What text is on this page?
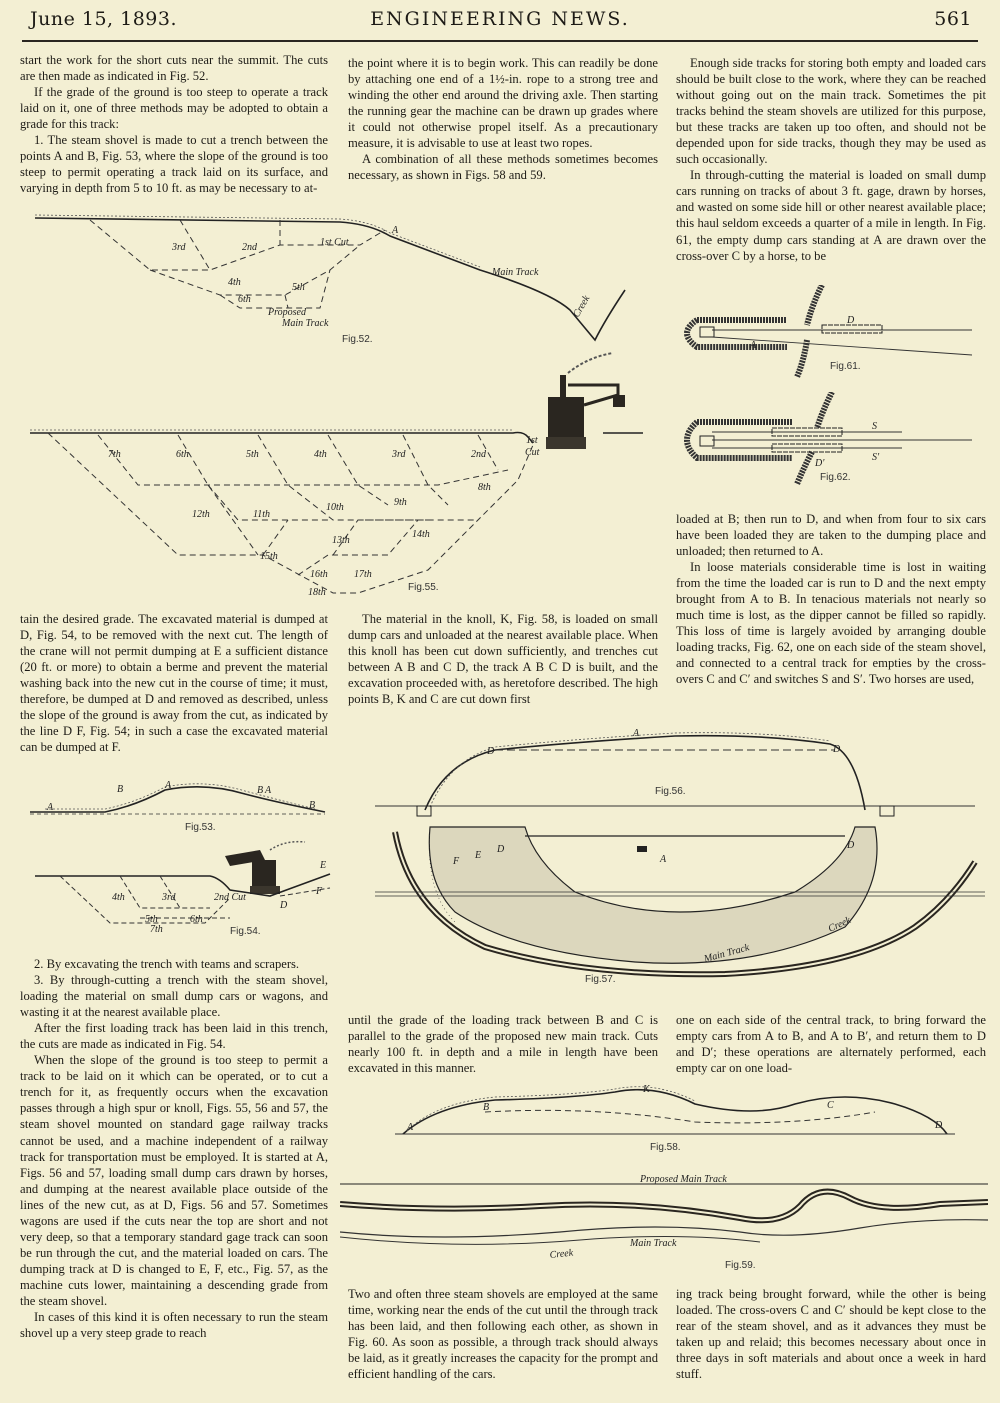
June 15, 1893.	ENGINEERING NEWS.	561

start the work for the short cuts near the summit. The cuts are then made as indicated in Fig. 52.

If the grade of the ground is too steep to operate a track laid on it, one of three methods may be adopted to obtain a grade for this track:

1. The steam shovel is made to cut a trench between the points A and B, Fig. 53, where the slope of the ground is too steep to permit operating a track laid on its surface, and varying in depth from 5 to 10 ft. as may be necessary to at-

tain the desired grade. The excavated material is dumped at D, Fig. 54, to be removed with the next cut. The length of the crane will not permit dumping at E a sufficient distance (20 ft. or more) to obtain a berme and prevent the material washing back into the new cut in the course of time; it must, therefore, be dumped at D and removed as described, unless the slope of the ground is away from the cut, as indicated by the line D F, Fig. 54; in such a case the excavated material can be dumped at F.

2. By excavating the trench with teams and scrapers.

3. By through-cutting a trench with the steam shovel, loading the material on small dump cars or wagons, and wasting it at the nearest available place.

After the first loading track has been laid in this trench, the cuts are made as indicated in Fig. 54.

When the slope of the ground is too steep to permit a track to be laid on it which can be operated, or to cut a trench for it, as frequently occurs when the excavation passes through a high spur or knoll, Figs. 55, 56 and 57, the steam shovel mounted on standard gage railway tracks cannot be used, and a machine independent of a railway track for transportation must be employed. It is started at A, Figs. 56 and 57, loading small dump cars drawn by horses, and dumping at the nearest available place outside of the lines of the new cut, as at D, Figs. 56 and 57. Sometimes wagons are used if the cuts near the top are short and not very deep, so that a temporary standard gage track can soon be run through the cut, and the material loaded on cars. The dumping track at D is changed to E, F, etc., Fig. 57, as the machine cuts lower, maintaining a descending grade from the steam shovel.

In cases of this kind it is often necessary to run the steam shovel up a very steep grade to reach

the point where it is to begin work. This can readily be done by attaching one end of a 1½-in. rope to a strong tree and winding the other end around the driving axle. Then starting the running gear the machine can be drawn up grades where it could not otherwise propel itself. As a precautionary measure, it is advisable to use at least two ropes.

A combination of all these methods sometimes becomes necessary, as shown in Figs. 58 and 59.

The material in the knoll, K, Fig. 58, is loaded on small dump cars and unloaded at the nearest available place. When this knoll has been cut down sufficiently, and trenches cut between A B and C D, the track A B C D is built, and the excavation proceeded with, as heretofore described. The high points B, K and C are cut down first

until the grade of the loading track between B and C is parallel to the grade of the proposed new main track. Cuts nearly 100 ft. in depth and a mile in length have been excavated in this manner.

Two and often three steam shovels are employed at the same time, working near the ends of the cut until the through track has been laid, and then following each other, as shown in Fig. 60. As soon as possible, a through track should always be laid, as it greatly increases the capacity for the prompt and efficient handling of the cars.

Enough side tracks for storing both empty and loaded cars should be built close to the work, where they can be reached without going out on the main track. Sometimes the pit tracks behind the steam shovels are utilized for this purpose, but these tracks are taken up too often, and should not be depended upon for side tracks, though they may be used as such occasionally.

In through-cutting the material is loaded on small dump cars running on tracks of about 3 ft. gage, drawn by horses, and wasted on some side hill or other nearest available place; this haul seldom exceeds a quarter of a mile in length. In Fig. 61, the empty dump cars standing at A are drawn over the cross-over C by a horse, to be

loaded at B; then run to D, and when from four to six cars have been loaded they are taken to the dumping place and unloaded; then returned to A.

In loose materials considerable time is lost in waiting from the time the loaded car is run to D and the next empty brought from A to B. In tenacious materials not nearly so much time is lost, as the dipper cannot be filled so rapidly. This loss of time is largely avoided by arranging double loading tracks, Fig. 62, one on each side of the steam shovel, and connected to a central track for empties by the cross-overs C and C′ and switches S and S′. Two horses are used,

one on each side of the central track, to bring forward the empty cars from A to B, and A to B′, and return them to D and D′; these operations are alternately performed, each empty car on one load-

ing track being brought forward, while the other is being loaded. The cross-overs C and C′ should be kept close to the rear of the steam shovel, and as it advances they must be taken up and relaid; this becomes necessary about once in three days in soft materials and about once a week in hard stuff.

3rd	2nd	1st Cut
4th	5th
6th
A
Proposed
Main Track
Main Track
Creek
Fig.52.
7th	6th	5th	4th	3rd	2nd
1st
Cut
8th
9th
10th
11th
12th
13th
14th
15th
16th	17th
18th	Fig.55.
A
B	A	B A
B
Fig.53.
4th	3rd	2nd Cut
5th	6th
7th
E
F
D
Fig.54.
D
A
Fig.61.
S
S'
D'
Fig.62.
A
D	D
Fig.56.
F
E
D	D
A
Main Track
Creek
Fig.57.
A
B
K
C
D
Fig.58.
Proposed Main Track
Main Track
Creek
Fig.59.
